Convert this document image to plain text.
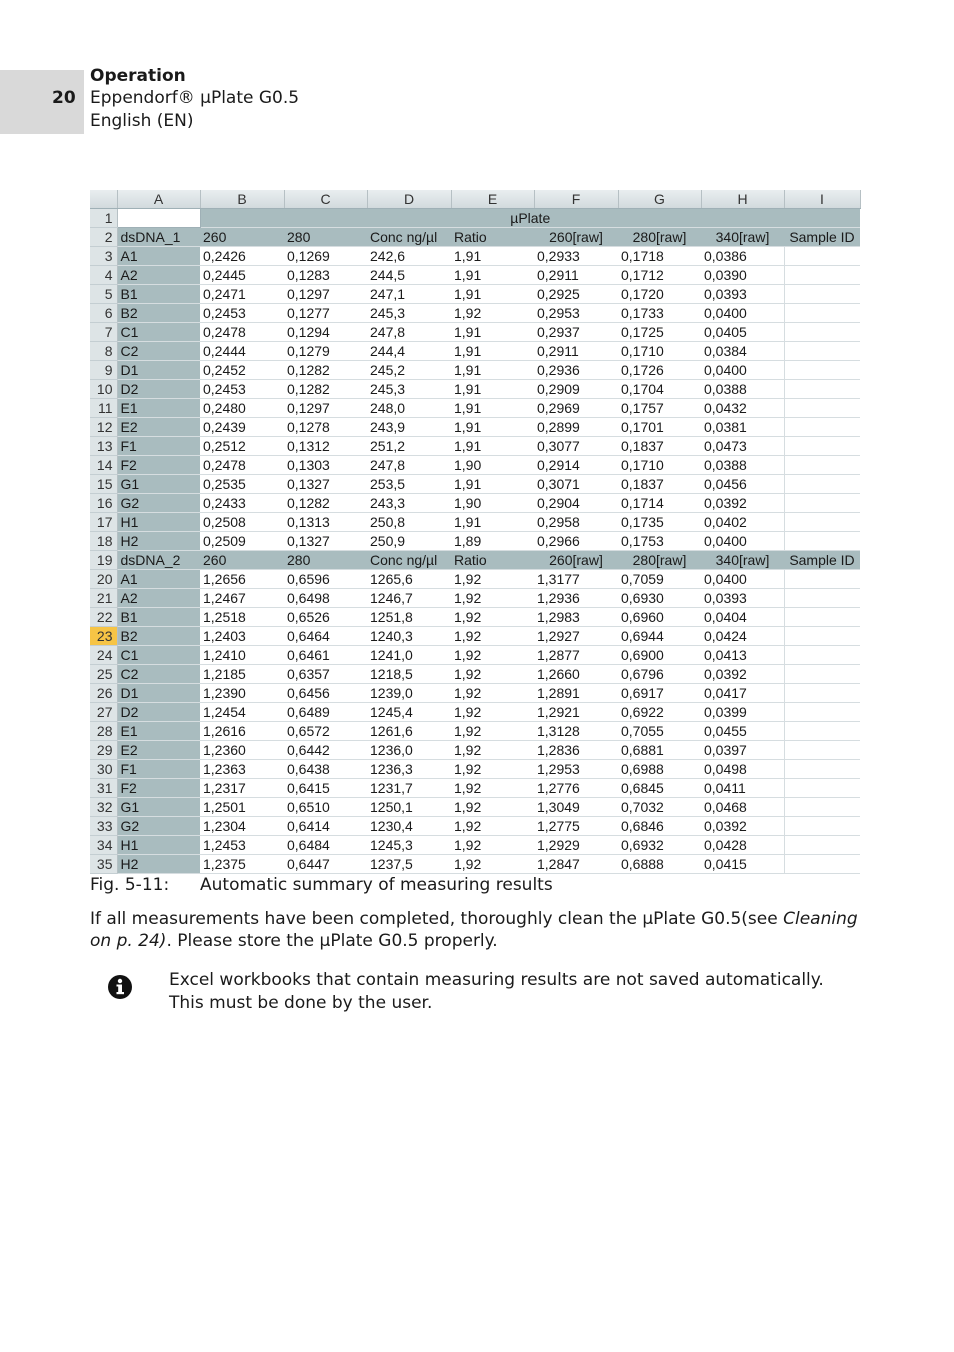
20
Operation
Eppendorf® µPlate G0.5
English (EN)
	A	B	C	D	E	F	G	H	I
1		µPlate							
2	dsDNA_1	260	280	Conc ng/µl	Ratio	260[raw]	280[raw]	340[raw]	Sample ID
3	A1	0,2426	0,1269	242,6	1,91	0,2933	0,1718	0,0386	
4	A2	0,2445	0,1283	244,5	1,91	0,2911	0,1712	0,0390	
5	B1	0,2471	0,1297	247,1	1,91	0,2925	0,1720	0,0393	
6	B2	0,2453	0,1277	245,3	1,92	0,2953	0,1733	0,0400	
7	C1	0,2478	0,1294	247,8	1,91	0,2937	0,1725	0,0405	
8	C2	0,2444	0,1279	244,4	1,91	0,2911	0,1710	0,0384	
9	D1	0,2452	0,1282	245,2	1,91	0,2936	0,1726	0,0400	
10	D2	0,2453	0,1282	245,3	1,91	0,2909	0,1704	0,0388	
11	E1	0,2480	0,1297	248,0	1,91	0,2969	0,1757	0,0432	
12	E2	0,2439	0,1278	243,9	1,91	0,2899	0,1701	0,0381	
13	F1	0,2512	0,1312	251,2	1,91	0,3077	0,1837	0,0473	
14	F2	0,2478	0,1303	247,8	1,90	0,2914	0,1710	0,0388	
15	G1	0,2535	0,1327	253,5	1,91	0,3071	0,1837	0,0456	
16	G2	0,2433	0,1282	243,3	1,90	0,2904	0,1714	0,0392	
17	H1	0,2508	0,1313	250,8	1,91	0,2958	0,1735	0,0402	
18	H2	0,2509	0,1327	250,9	1,89	0,2966	0,1753	0,0400	
19	dsDNA_2	260	280	Conc ng/µl	Ratio	260[raw]	280[raw]	340[raw]	Sample ID
20	A1	1,2656	0,6596	1265,6	1,92	1,3177	0,7059	0,0400	
21	A2	1,2467	0,6498	1246,7	1,92	1,2936	0,6930	0,0393	
22	B1	1,2518	0,6526	1251,8	1,92	1,2983	0,6960	0,0404	
23	B2	1,2403	0,6464	1240,3	1,92	1,2927	0,6944	0,0424	
24	C1	1,2410	0,6461	1241,0	1,92	1,2877	0,6900	0,0413	
25	C2	1,2185	0,6357	1218,5	1,92	1,2660	0,6796	0,0392	
26	D1	1,2390	0,6456	1239,0	1,92	1,2891	0,6917	0,0417	
27	D2	1,2454	0,6489	1245,4	1,92	1,2921	0,6922	0,0399	
28	E1	1,2616	0,6572	1261,6	1,92	1,3128	0,7055	0,0455	
29	E2	1,2360	0,6442	1236,0	1,92	1,2836	0,6881	0,0397	
30	F1	1,2363	0,6438	1236,3	1,92	1,2953	0,6988	0,0498	
31	F2	1,2317	0,6415	1231,7	1,92	1,2776	0,6845	0,0411	
32	G1	1,2501	0,6510	1250,1	1,92	1,3049	0,7032	0,0468	
33	G2	1,2304	0,6414	1230,4	1,92	1,2775	0,6846	0,0392	
34	H1	1,2453	0,6484	1245,3	1,92	1,2929	0,6932	0,0428	
35	H2	1,2375	0,6447	1237,5	1,92	1,2847	0,6888	0,0415	
Fig. 5-11: Automatic summary of measuring results
If all measurements have been completed, thoroughly clean the µPlate G0.5(see Cleaning on p. 24). Please store the µPlate G0.5 properly.
Excel workbooks that contain measuring results are not saved automatically. This must be done by the user.
